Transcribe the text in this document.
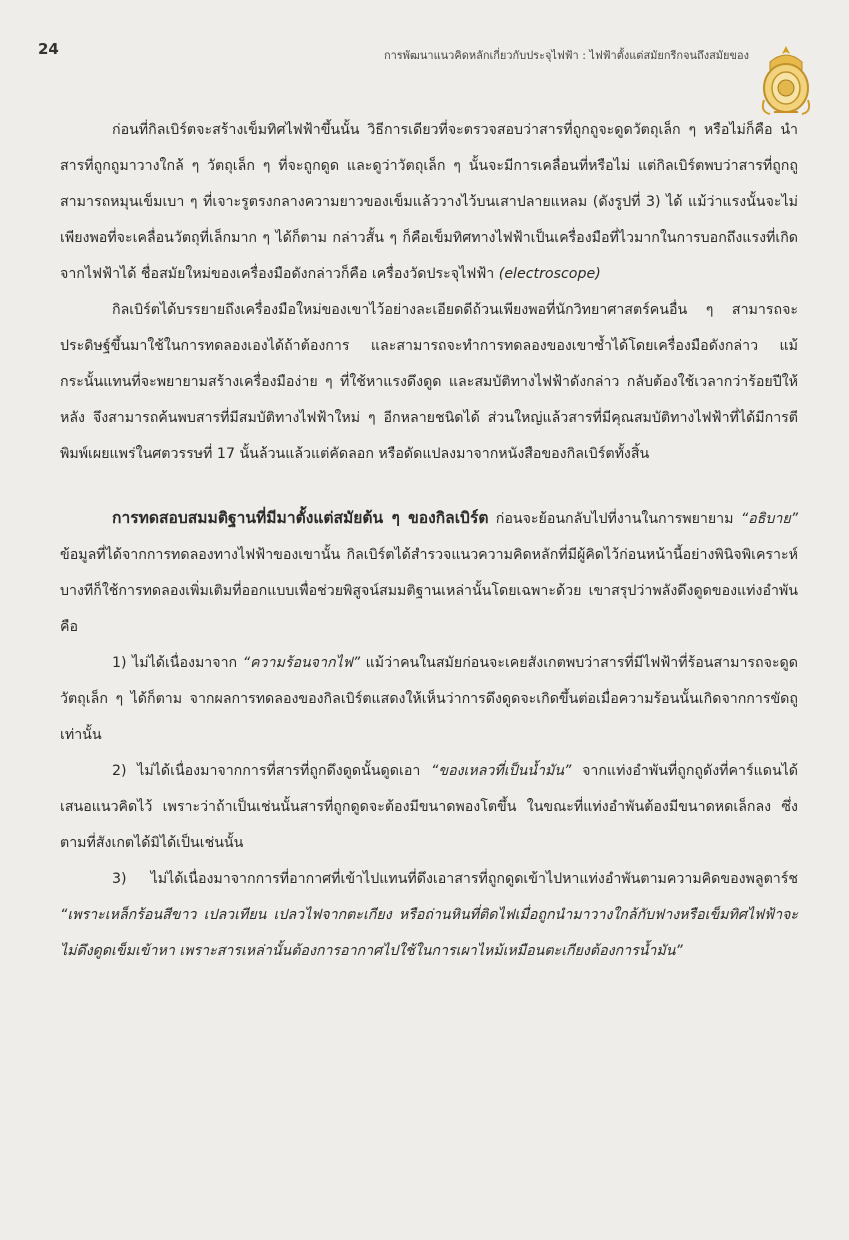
24	การพัฒนาแนวคิดหลักเกี่ยวกับประจุไฟฟ้า : ไฟฟ้าตั้งแต่สมัยกรีกจนถึงสมัยของ

ก่อนที่กิลเบิร์ตจะสร้างเข็มทิศไฟฟ้าขึ้นนั้น วิธีการเดียวที่จะตรวจสอบว่าสารที่ถูกถูจะดูดวัตถุเล็ก ๆ หรือไม่ก็คือ นำสารที่ถูกถูมาวางใกล้ ๆ วัตถุเล็ก ๆ ที่จะถูกดูด และดูว่าวัตถุเล็ก ๆ นั้นจะมีการเคลื่อนที่หรือไม่ แต่กิลเบิร์ตพบว่าสารที่ถูกถูสามารถหมุนเข็มเบา ๆ ที่เจาะรูตรงกลางความยาวของเข็มแล้ววางไว้บนเสาปลายแหลม (ดังรูปที่ 3) ได้ แม้ว่าแรงนั้นจะไม่เพียงพอที่จะเคลื่อนวัตถุที่เล็กมาก ๆ ได้ก็ตาม กล่าวสั้น ๆ ก็คือเข็มทิศทางไฟฟ้าเป็นเครื่องมือที่ไวมากในการบอกถึงแรงที่เกิดจากไฟฟ้าได้ ชื่อสมัยใหม่ของเครื่องมือดังกล่าวก็คือ เครื่องวัดประจุไฟฟ้า (electroscope)

กิลเบิร์ตได้บรรยายถึงเครื่องมือใหม่ของเขาไว้อย่างละเอียดดีถ้วนเพียงพอที่นักวิทยาศาสตร์คนอื่น ๆ สามารถจะประดิษฐ์ขึ้นมาใช้ในการทดลองเองได้ถ้าต้องการ และสามารถจะทำการทดลองของเขาซ้ำได้โดยเครื่องมือดังกล่าว แม้กระนั้นแทนที่จะพยายามสร้างเครื่องมือง่าย ๆ ที่ใช้หาแรงดึงดูด และสมบัติทางไฟฟ้าดังกล่าว กลับต้องใช้เวลากว่าร้อยปีให้หลัง จึงสามารถค้นพบสารที่มีสมบัติทางไฟฟ้าใหม่ ๆ อีกหลายชนิดได้ ส่วนใหญ่แล้วสารที่มีคุณสมบัติทางไฟฟ้าที่ได้มีการตีพิมพ์เผยแพร่ในศตวรรษที่ 17 นั้นล้วนแล้วแต่คัดลอก หรือดัดแปลงมาจากหนังสือของกิลเบิร์ตทั้งสิ้น

การทดสอบสมมติฐานที่มีมาตั้งแต่สมัยต้น ๆ ของกิลเบิร์ต ก่อนจะย้อนกลับไปที่งานในการพยายาม “อธิบาย” ข้อมูลที่ได้จากการทดลองทางไฟฟ้าของเขานั้น กิลเบิร์ตได้สำรวจแนวความคิดหลักที่มีผู้คิดไว้ก่อนหน้านี้อย่างพินิจพิเคราะห์ บางทีก็ใช้การทดลองเพิ่มเติมที่ออกแบบเพื่อช่วยพิสูจน์สมมติฐานเหล่านั้นโดยเฉพาะด้วย เขาสรุปว่าพลังดึงดูดของแท่งอำพันคือ

1) ไม่ได้เนื่องมาจาก “ความร้อนจากไฟ” แม้ว่าคนในสมัยก่อนจะเคยสังเกตพบว่าสารที่มีไฟฟ้าที่ร้อนสามารถจะดูดวัตถุเล็ก ๆ ได้ก็ตาม จากผลการทดลองของกิลเบิร์ตแสดงให้เห็นว่าการดึงดูดจะเกิดขึ้นต่อเมื่อความร้อนนั้นเกิดจากการขัดถูเท่านั้น

2) ไม่ได้เนื่องมาจากการที่สารที่ถูกดึงดูดนั้นดูดเอา “ของเหลวที่เป็นน้ำมัน” จากแท่งอำพันที่ถูกถูดังที่คาร์แดนได้เสนอแนวคิดไว้ เพราะว่าถ้าเป็นเช่นนั้นสารที่ถูกดูดจะต้องมีขนาดพองโตขึ้น ในขณะที่แท่งอำพันต้องมีขนาดหดเล็กลง ซึ่งตามที่สังเกตได้มิได้เป็นเช่นนั้น

3) ไม่ได้เนื่องมาจากการที่อากาศที่เข้าไปแทนที่ดึงเอาสารที่ถูกดูดเข้าไปหาแท่งอำพันตามความคิดของพลูตาร์ช “เพราะเหล็กร้อนสีขาว เปลวเทียน เปลวไฟจากตะเกียง หรือถ่านหินที่ติดไฟเมื่อถูกนำมาวางใกล้กับฟางหรือเข็มทิศไฟฟ้าจะไม่ดึงดูดเข็มเข้าหา เพราะสารเหล่านั้นต้องการอากาศไปใช้ในการเผาไหม้เหมือนตะเกียงต้องการน้ำมัน”
